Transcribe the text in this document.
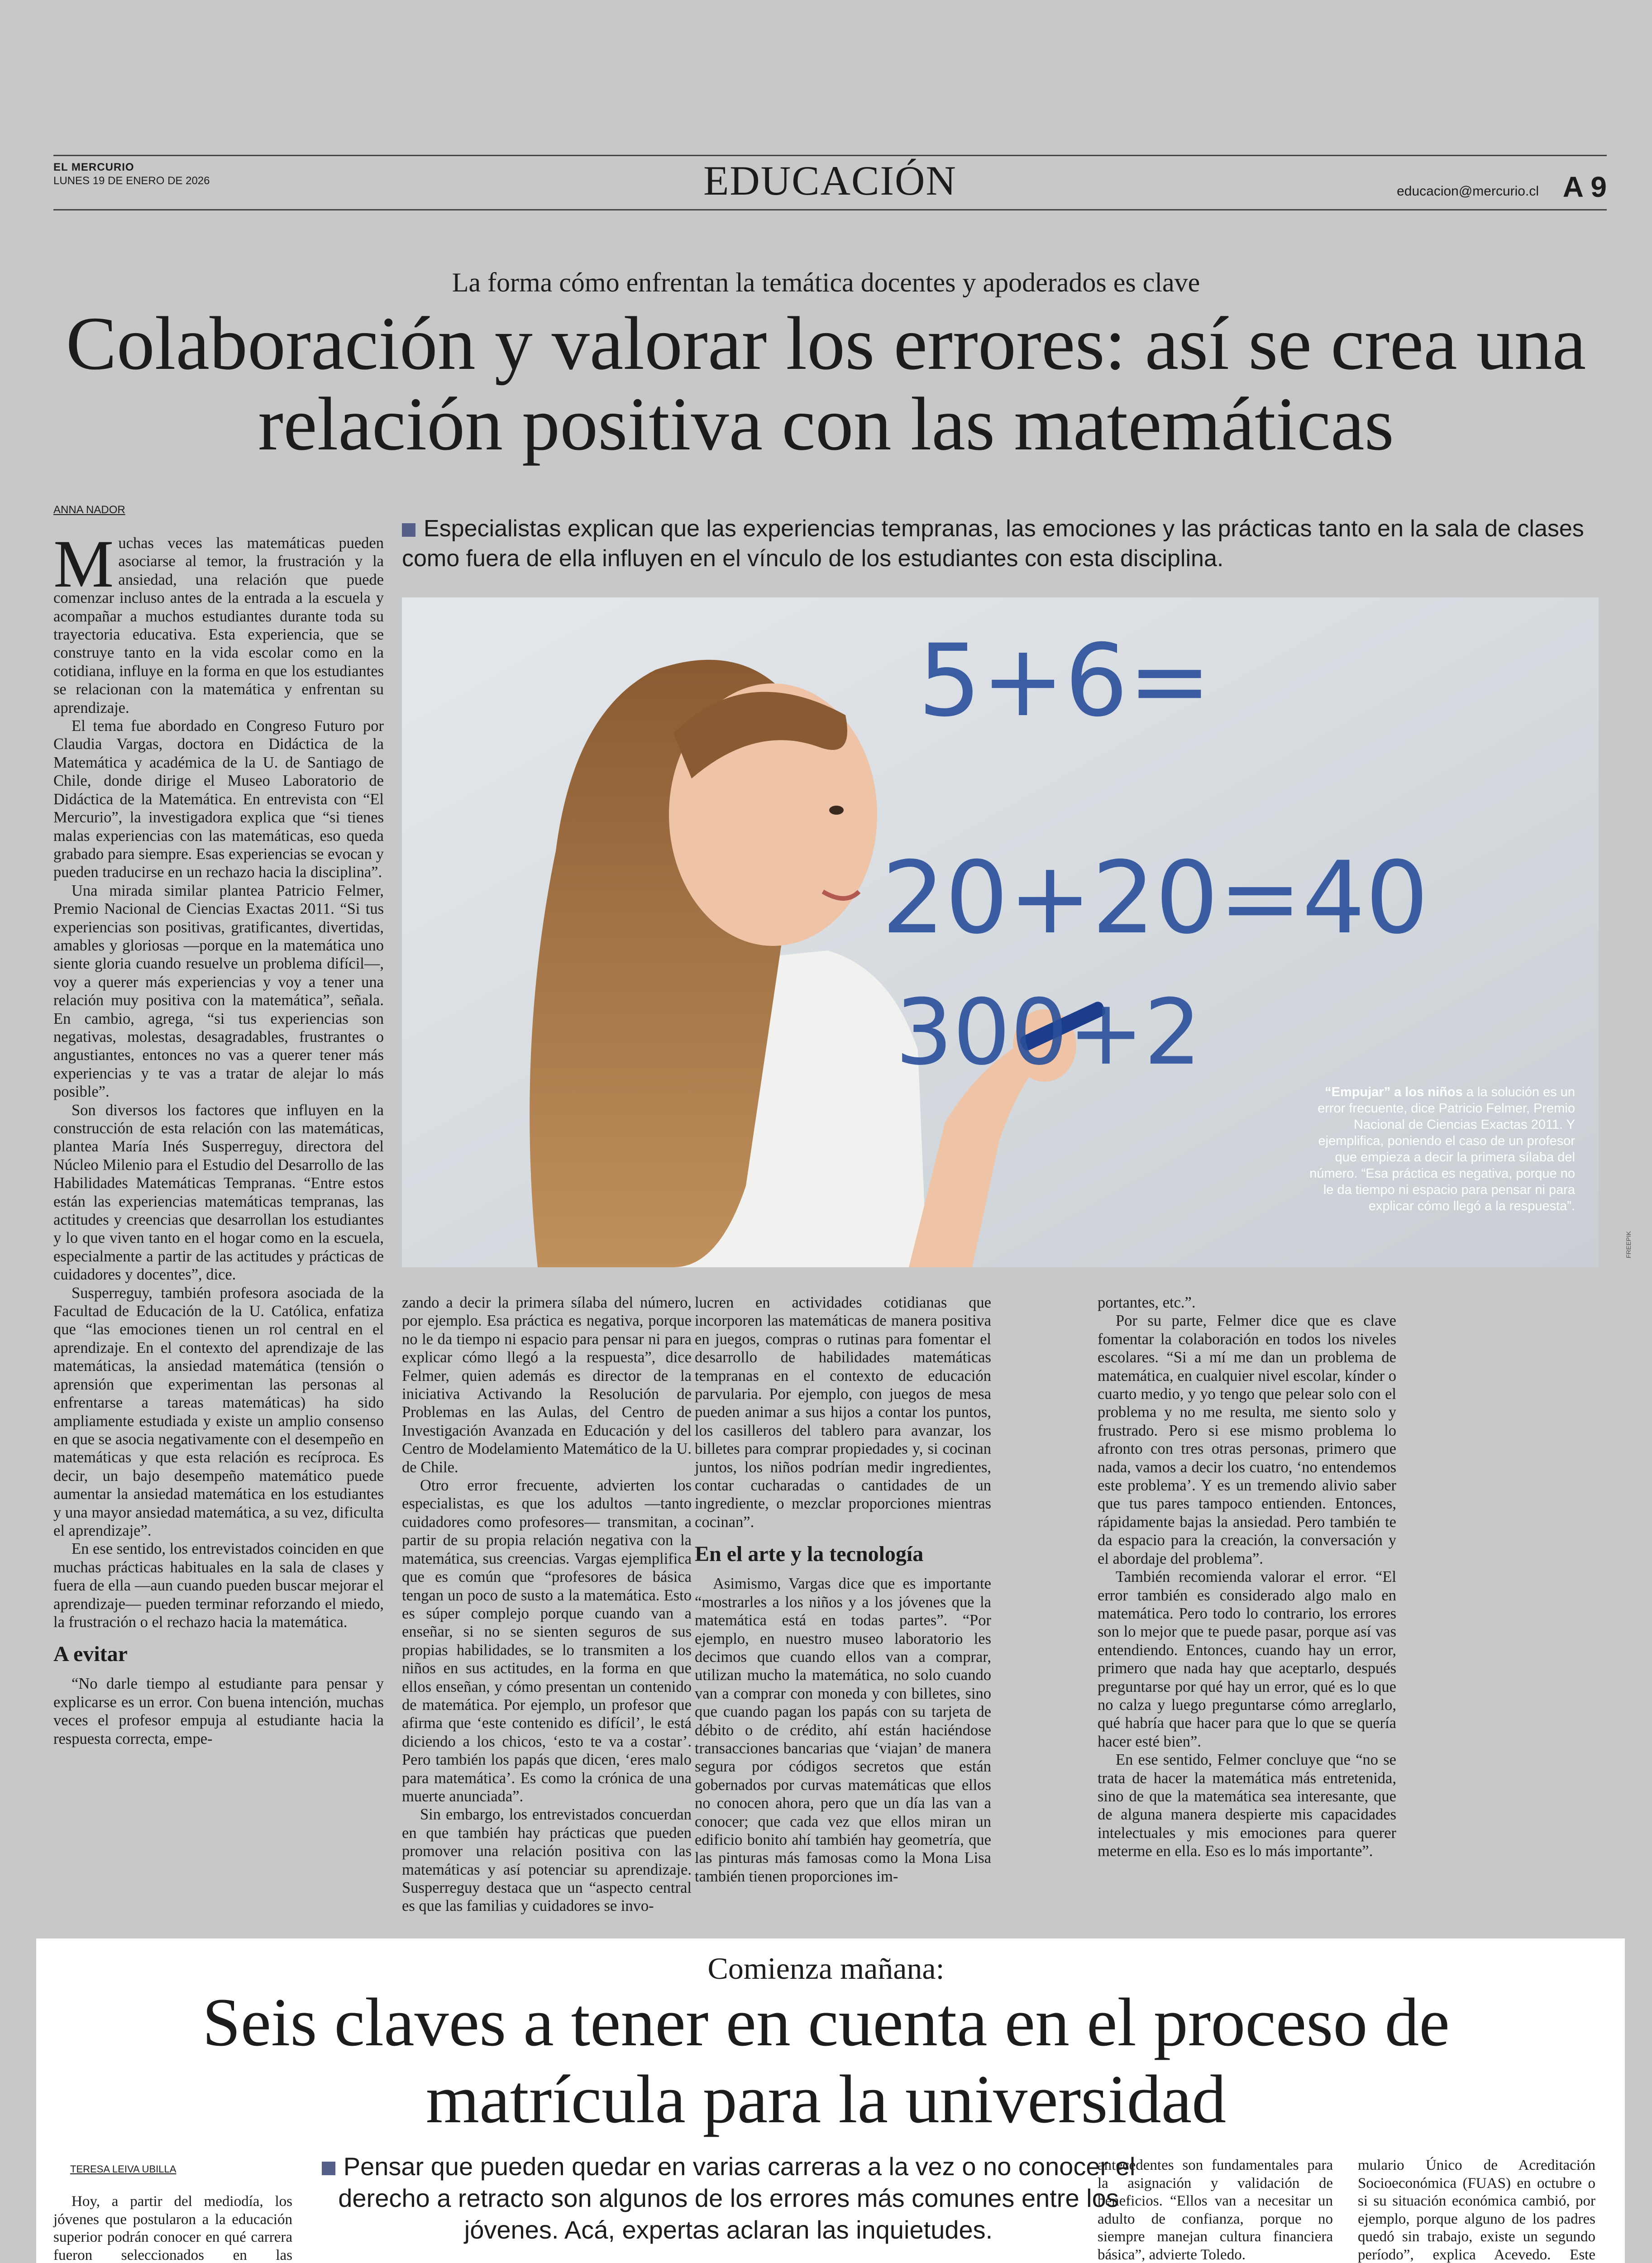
EL MERCURIO
LUNES 19 DE ENERO DE 2026	EDUCACIÓN	educacion@mercurio.cl A 9
La forma cómo enfrentan la temática docentes y apoderados es clave
Colaboración y valorar los errores: así se crea una relación positiva con las matemáticas
ANNA NADOR
Especialistas explican que las experiencias tempranas, las emociones y las prácticas tanto en la sala de clases como fuera de ella influyen en el vínculo de los estudiantes con esta disciplina.

Muchas veces las matemáticas pueden asociarse al temor, la frustración y la ansiedad, una relación que puede comenzar incluso antes de la entrada a la escuela y acompañar a muchos estudiantes durante toda su trayectoria educativa. Esta experiencia, que se construye tanto en la vida escolar como en la cotidiana, influye en la forma en que los estudiantes se relacionan con la matemática y enfrentan su aprendizaje.

El tema fue abordado en Congreso Futuro por Claudia Vargas, doctora en Didáctica de la Matemática y académica de la U. de Santiago de Chile, donde dirige el Museo Laboratorio de Didáctica de la Matemática. En entrevista con “El Mercurio”, la investigadora explica que “si tienes malas experiencias con las matemáticas, eso queda grabado para siempre. Esas experiencias se evocan y pueden traducirse en un rechazo hacia la disciplina”.

Una mirada similar plantea Patricio Felmer, Premio Nacional de Ciencias Exactas 2011. “Si tus experiencias son positivas, gratificantes, divertidas, amables y gloriosas —porque en la matemática uno siente gloria cuando resuelve un problema difícil—, voy a querer más experiencias y voy a tener una relación muy positiva con la matemática”, señala. En cambio, agrega, “si tus experiencias son negativas, molestas, desagradables, frustrantes o angustiantes, entonces no vas a querer tener más experiencias y te vas a tratar de alejar lo más posible”.

Son diversos los factores que influyen en la construcción de esta relación con las matemáticas, plantea María Inés Susperreguy, directora del Núcleo Milenio para el Estudio del Desarrollo de las Habilidades Matemáticas Tempranas. “Entre estos están las experiencias matemáticas tempranas, las actitudes y creencias que desarrollan los estudiantes y lo que viven tanto en el hogar como en la escuela, especialmente a partir de las actitudes y prácticas de cuidadores y docentes”, dice.

Susperreguy, también profesora asociada de la Facultad de Educación de la U. Católica, enfatiza que “las emociones tienen un rol central en el aprendizaje. En el contexto del aprendizaje de las matemáticas, la ansiedad matemática (tensión o aprensión que experimentan las personas al enfrentarse a tareas matemáticas) ha sido ampliamente estudiada y existe un amplio consenso en que se asocia negativamente con el desempeño en matemáticas y que esta relación es recíproca. Es decir, un bajo desempeño matemático puede aumentar la ansiedad matemática en los estudiantes y una mayor ansiedad matemática, a su vez, dificulta el aprendizaje”.

En ese sentido, los entrevistados coinciden en que muchas prácticas habituales en la sala de clases y fuera de ella —aun cuando pueden buscar mejorar el aprendizaje— pueden terminar reforzando el miedo, la frustración o el rechazo hacia la matemática.

A evitar

“No darle tiempo al estudiante para pensar y explicarse es un error. Con buena intención, muchas veces el profesor empuja al estudiante hacia la respuesta correcta, empe-

5+6=
20+20=40
300+2
“Empujar” a los niños a la solución es un error frecuente, dice Patricio Felmer, Premio Nacional de Ciencias Exactas 2011. Y ejemplifica, poniendo el caso de un profesor que empieza a decir la primera sílaba del número. “Esa práctica es negativa, porque no le da tiempo ni espacio para pensar ni para explicar cómo llegó a la respuesta”.
FREEPIK

zando a decir la primera sílaba del número, por ejemplo. Esa práctica es negativa, porque no le da tiempo ni espacio para pensar ni para explicar cómo llegó a la respuesta”, dice Felmer, quien además es director de la iniciativa Activando la Resolución de Problemas en las Aulas, del Centro de Investigación Avanzada en Educación y del Centro de Modelamiento Matemático de la U. de Chile.

Otro error frecuente, advierten los especialistas, es que los adultos —tanto cuidadores como profesores— transmitan, a partir de su propia relación negativa con la matemática, sus creencias. Vargas ejemplifica que es común que “profesores de básica tengan un poco de susto a la matemática. Esto es súper complejo porque cuando van a enseñar, si no se sienten seguros de sus propias habilidades, se lo transmiten a los niños en sus actitudes, en la forma en que ellos enseñan, y cómo presentan un contenido de matemática. Por ejemplo, un profesor que afirma que ‘este contenido es difícil’, le está diciendo a los chicos, ‘esto te va a costar’. Pero también los papás que dicen, ‘eres malo para matemática’. Es como la crónica de una muerte anunciada”.

Sin embargo, los entrevistados concuerdan en que también hay prácticas que pueden promover una relación positiva con las matemáticas y así potenciar su aprendizaje. Susperreguy destaca que un “aspecto central es que las familias y cuidadores se invo-

lucren en actividades cotidianas que incorporen las matemáticas de manera positiva en juegos, compras o rutinas para fomentar el desarrollo de habilidades matemáticas tempranas en el contexto de educación parvularia. Por ejemplo, con juegos de mesa pueden animar a sus hijos a contar los puntos, los casilleros del tablero para avanzar, los billetes para comprar propiedades y, si cocinan juntos, los niños podrían medir ingredientes, contar cucharadas o cantidades de un ingrediente, o mezclar proporciones mientras cocinan”.

En el arte y la tecnología

Asimismo, Vargas dice que es importante “mostrarles a los niños y a los jóvenes que la matemática está en todas partes”. “Por ejemplo, en nuestro museo laboratorio les decimos que cuando ellos van a comprar, utilizan mucho la matemática, no solo cuando van a comprar con moneda y con billetes, sino que cuando pagan los papás con su tarjeta de débito o de crédito, ahí están haciéndose transacciones bancarias que ‘viajan’ de manera segura por códigos secretos que están gobernados por curvas matemáticas que ellos no conocen ahora, pero que un día las van a conocer; que cada vez que ellos miran un edificio bonito ahí también hay geometría, que las pinturas más famosas como la Mona Lisa también tienen proporciones im-

portantes, etc.”.

Por su parte, Felmer dice que es clave fomentar la colaboración en todos los niveles escolares. “Si a mí me dan un problema de matemática, en cualquier nivel escolar, kínder o cuarto medio, y yo tengo que pelear solo con el problema y no me resulta, me siento solo y frustrado. Pero si ese mismo problema lo afronto con tres otras personas, primero que nada, vamos a decir los cuatro, ‘no entendemos este problema’. Y es un tremendo alivio saber que tus pares tampoco entienden. Entonces, rápidamente bajas la ansiedad. Pero también te da espacio para la creación, la conversación y el abordaje del problema”.

También recomienda valorar el error. “El error también es considerado algo malo en matemática. Pero todo lo contrario, los errores son lo mejor que te puede pasar, porque así vas entendiendo. Entonces, cuando hay un error, primero que nada hay que aceptarlo, después preguntarse por qué hay un error, qué es lo que no calza y luego preguntarse cómo arreglarlo, qué habría que hacer para que lo que se quería hacer esté bien”.

En ese sentido, Felmer concluye que “no se trata de hacer la matemática más entretenida, sino de que la matemática sea interesante, que de alguna manera despierte mis capacidades intelectuales y mis emociones para querer meterme en ella. Eso es lo más importante”.

Comienza mañana:
Seis claves a tener en cuenta en el proceso de matrícula para la universidad
TERESA LEIVA UBILLA	Pensar que pueden quedar en varias carreras a la vez o no conocer el derecho a retracto son algunos de los errores más comunes entre los jóvenes. Acá, expertas aclaran las inquietudes.

Hoy, a partir del mediodía, los jóvenes que postularon a la educación superior podrán conocer en qué carrera fueron seleccionados en las

antecedentes son fundamentales para la asignación y validación de beneficios. “Ellos van a necesitar un adulto de confianza, porque no siempre manejan cultura financiera básica”, advierte Toledo.

mulario Único de Acreditación Socioeconómica (FUAS) en octubre o si su situación económica cambió, por ejemplo, porque alguno de los padres quedó sin trabajo, existe un segundo período”, explica Acevedo. Este
